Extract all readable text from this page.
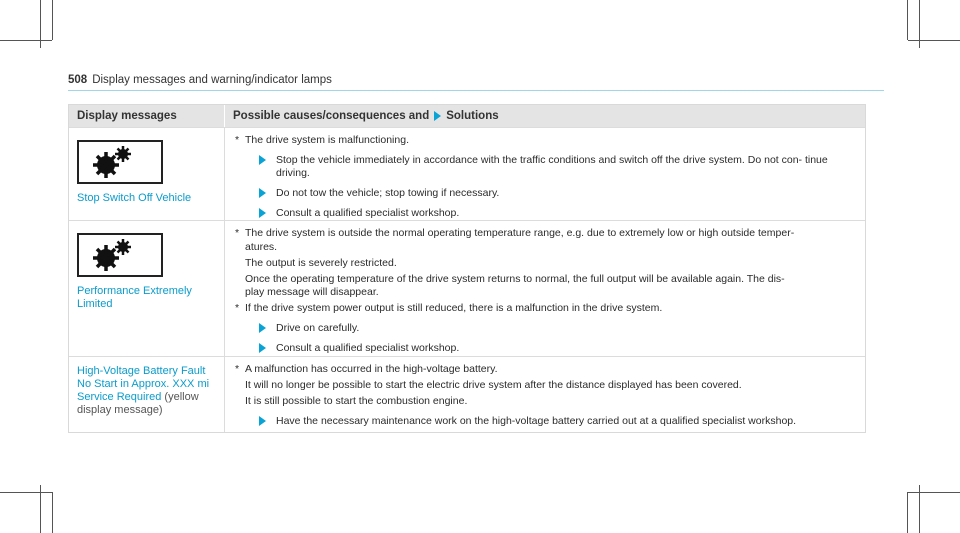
508 Display messages and warning/indicator lamps
Display messages	Possible causes/consequences and Solutions
Stop Switch Off Vehicle
* The drive system is malfunctioning.
Stop the vehicle immediately in accordance with the traffic conditions and switch off the drive system. Do not con- tinue driving.
Do not tow the vehicle; stop towing if necessary.
Consult a qualified specialist workshop.
Performance Extremely
Limited
* The drive system is outside the normal operating temperature range, e.g. due to extremely low or high outside temper-
atures.
The output is severely restricted.
Once the operating temperature of the drive system returns to normal, the full output will be available again. The dis-
play message will disappear.
* If the drive system power output is still reduced, there is a malfunction in the drive system.
Drive on carefully.
Consult a qualified specialist workshop.
High-Voltage Battery Fault
No Start in Approx. XXX mi
Service Required (yellow
display message)
* A malfunction has occurred in the high-voltage battery.
It will no longer be possible to start the electric drive system after the distance displayed has been covered.
It is still possible to start the combustion engine.
Have the necessary maintenance work on the high-voltage battery carried out at a qualified specialist workshop.
